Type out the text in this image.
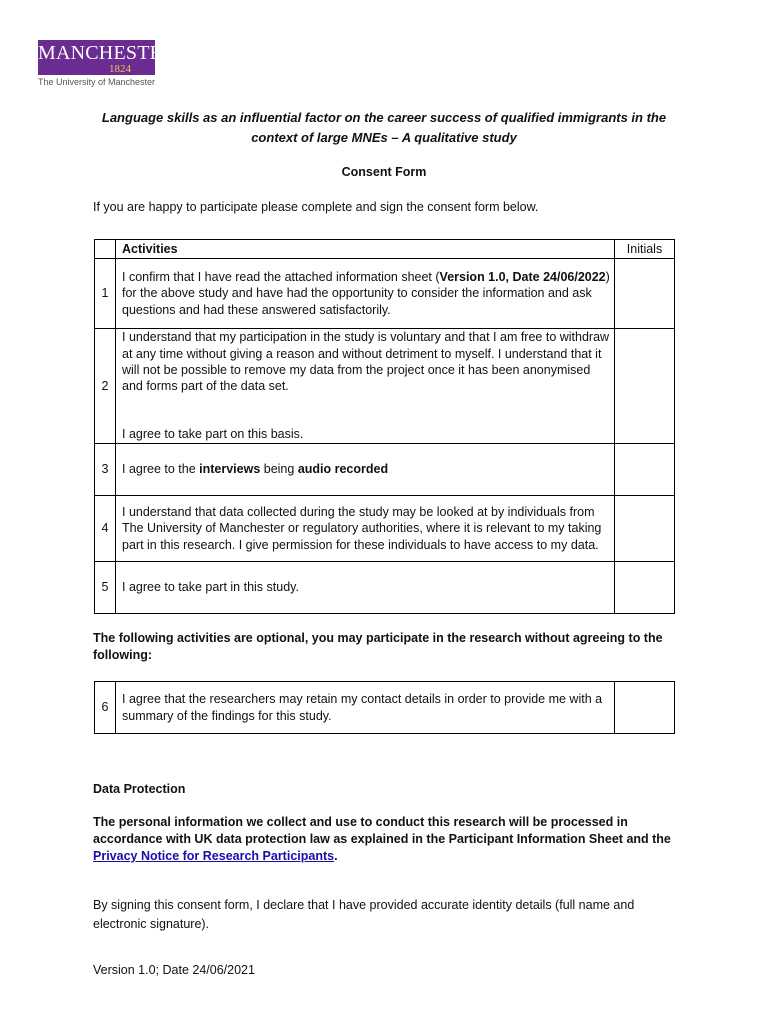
MANCHESTER
1824
The University of Manchester
Language skills as an influential factor on the career success of qualified immigrants in the context of large MNEs – A qualitative study
Consent Form
If you are happy to participate please complete and sign the consent form below.
	Activities	Initials
1	I confirm that I have read the attached information sheet (Version 1.0, Date 24/06/2022) for the above study and have had the opportunity to consider the information and ask questions and had these answered satisfactorily.	
2	I understand that my participation in the study is voluntary and that I am free to withdraw at any time without giving a reason and without detriment to myself. I understand that it will not be possible to remove my data from the project once it has been anonymised and forms part of the data set.
I agree to take part on this basis.	

3	I agree to the interviews being audio recorded	
4	I understand that data collected during the study may be looked at by individuals from The University of Manchester or regulatory authorities, where it is relevant to my taking part in this research. I give permission for these individuals to have access to my data.	
5	I agree to take part in this study.	
The following activities are optional, you may participate in the research without agreeing to the following:
6	I agree that the researchers may retain my contact details in order to provide me with a summary of the findings for this study.	
Data Protection
The personal information we collect and use to conduct this research will be processed in accordance with UK data protection law as explained in the Participant Information Sheet and the Privacy Notice for Research Participants.
By signing this consent form, I declare that I have provided accurate identity details (full name and electronic signature).
Version 1.0; Date 24/06/2021
